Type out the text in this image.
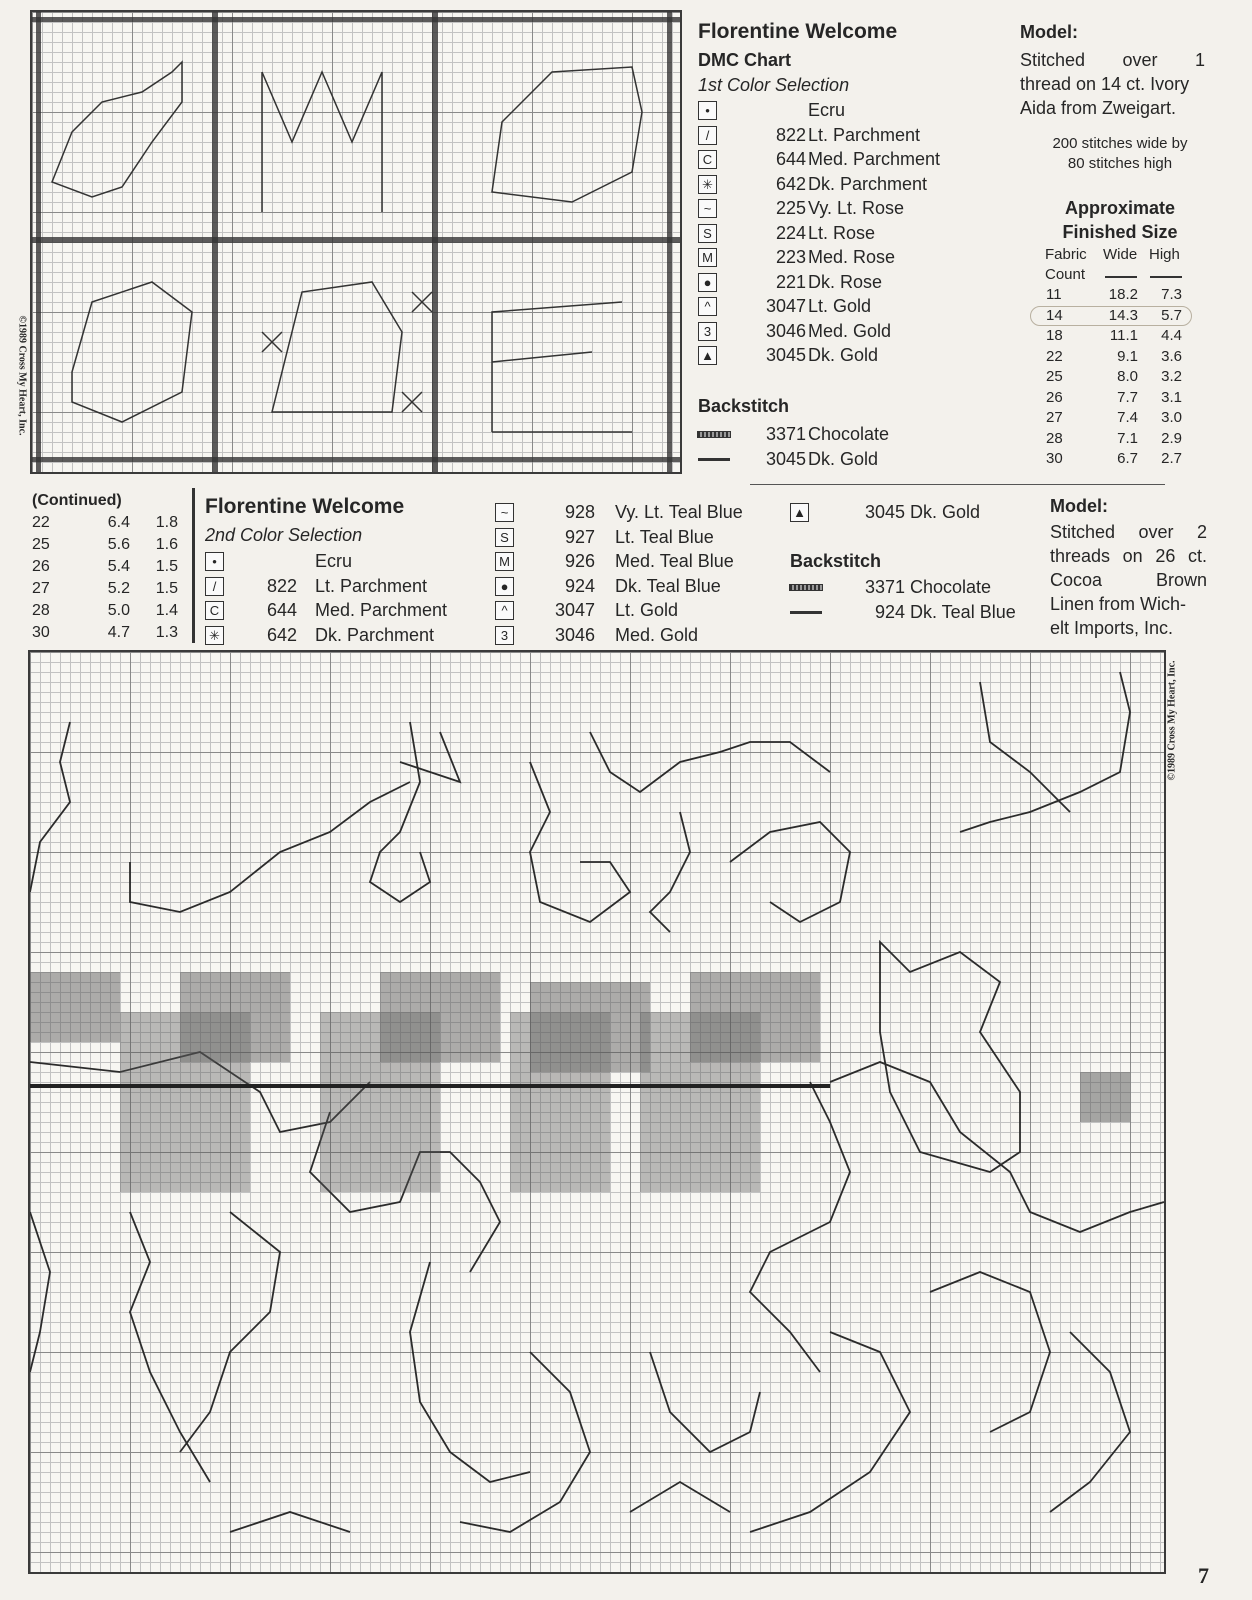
©1989 Cross My Heart, Inc.
Florentine Welcome
DMC Chart
1st Color Selection
•	Ecru
/	822 Lt. Parchment
C	644 Med. Parchment
✳	642 Dk. Parchment
~	225 Vy. Lt. Rose
S	224 Lt. Rose
M	223 Med. Rose
●	221 Dk. Rose
^	3047 Lt. Gold
3	3046 Med. Gold
▲	3045 Dk. Gold
Backstitch
3371 Chocolate
3045 Dk. Gold
Model:
Stitched over 1
thread on 14 ct. Ivory
Aida from Zweigart.
200 stitches wide by
80 stitches high
Approximate
Finished Size
Fabric
Count
Wide High
11	18.2	7.3
14	14.3	5.7
18	11.1	4.4
22	9.1	3.6
25	8.0	3.2
26	7.7	3.1
27	7.4	3.0
28	7.1	2.9
30	6.7	2.7
(Continued)
22	6.4	1.8
25	5.6	1.6
26	5.4	1.5
27	5.2	1.5
28	5.0	1.4
30	4.7	1.3
Florentine Welcome
2nd Color Selection
•	Ecru
/	822 Lt. Parchment
C	644 Med. Parchment
✳	642 Dk. Parchment
~	928 Vy. Lt. Teal Blue
S	927 Lt. Teal Blue
M	926 Med. Teal Blue
●	924 Dk. Teal Blue
^	3047 Lt. Gold
3	3046 Med. Gold
▲	3045 Dk. Gold
Backstitch
3371 Chocolate
924 Dk. Teal Blue
Model:
Stitched over 2
threads on 26 ct.
Cocoa Brown
Linen from Wich-
elt Imports, Inc.
©1989 Cross My Heart, Inc.
7
